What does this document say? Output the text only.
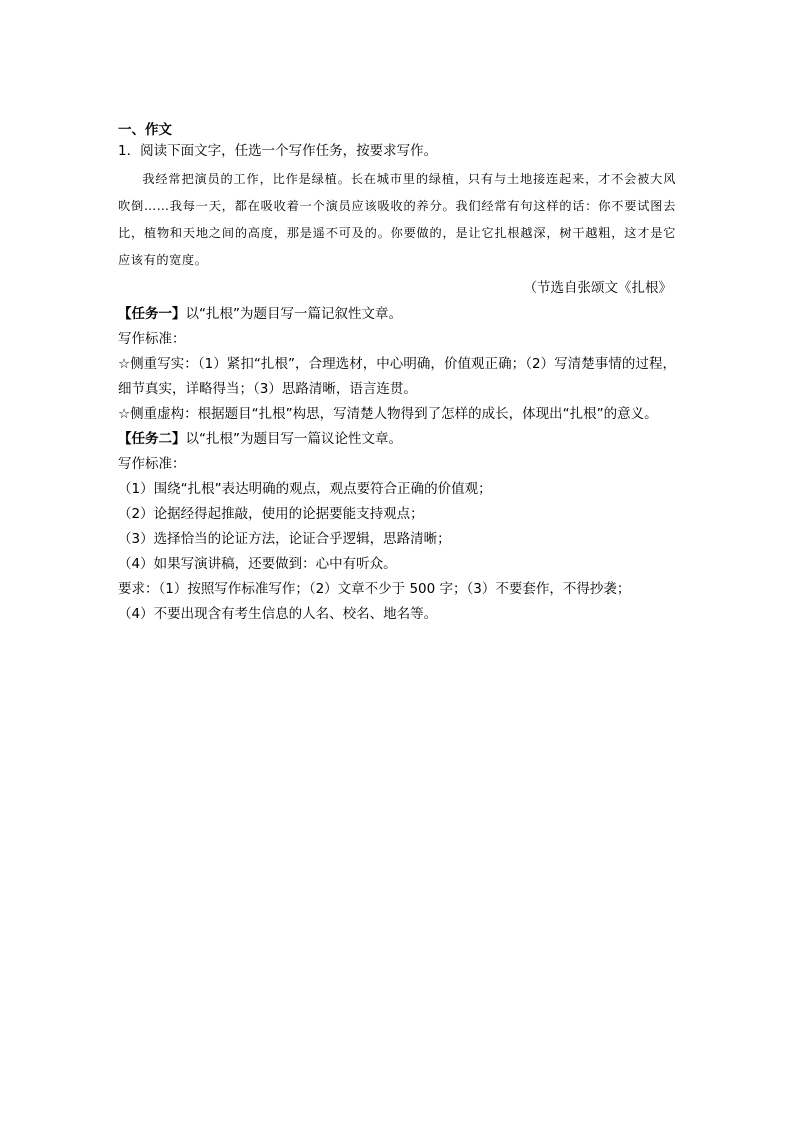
一、作文

1．阅读下面文字，任选一个写作任务，按要求写作。

我经常把演员的工作，比作是绿植。长在城市里的绿植，只有与土地接连起来，才不会被大风吹倒……我每一天，都在吸收着一个演员应该吸收的养分。我们经常有句这样的话：你不要试图去比，植物和天地之间的高度，那是遥不可及的。你要做的，是让它扎根越深，树干越粗，这才是它应该有的宽度。

（节选自张颂文《扎根》

【任务一】以“扎根”为题目写一篇记叙性文章。

写作标准：

☆侧重写实：（1）紧扣“扎根”，合理选材，中心明确，价值观正确；（2）写清楚事情的过程，细节真实，详略得当；（3）思路清晰，语言连贯。

☆侧重虚构：根据题目“扎根”构思，写清楚人物得到了怎样的成长，体现出“扎根”的意义。

【任务二】以“扎根”为题目写一篇议论性文章。

写作标准：

（1）围绕“扎根”表达明确的观点，观点要符合正确的价值观；

（2）论据经得起推敲，使用的论据要能支持观点；

（3）选择恰当的论证方法，论证合乎逻辑，思路清晰；

（4）如果写演讲稿，还要做到：心中有听众。

要求：（1）按照写作标准写作；（2）文章不少于 500 字；（3）不要套作，不得抄袭；

（4）不要出现含有考生信息的人名、校名、地名等。
